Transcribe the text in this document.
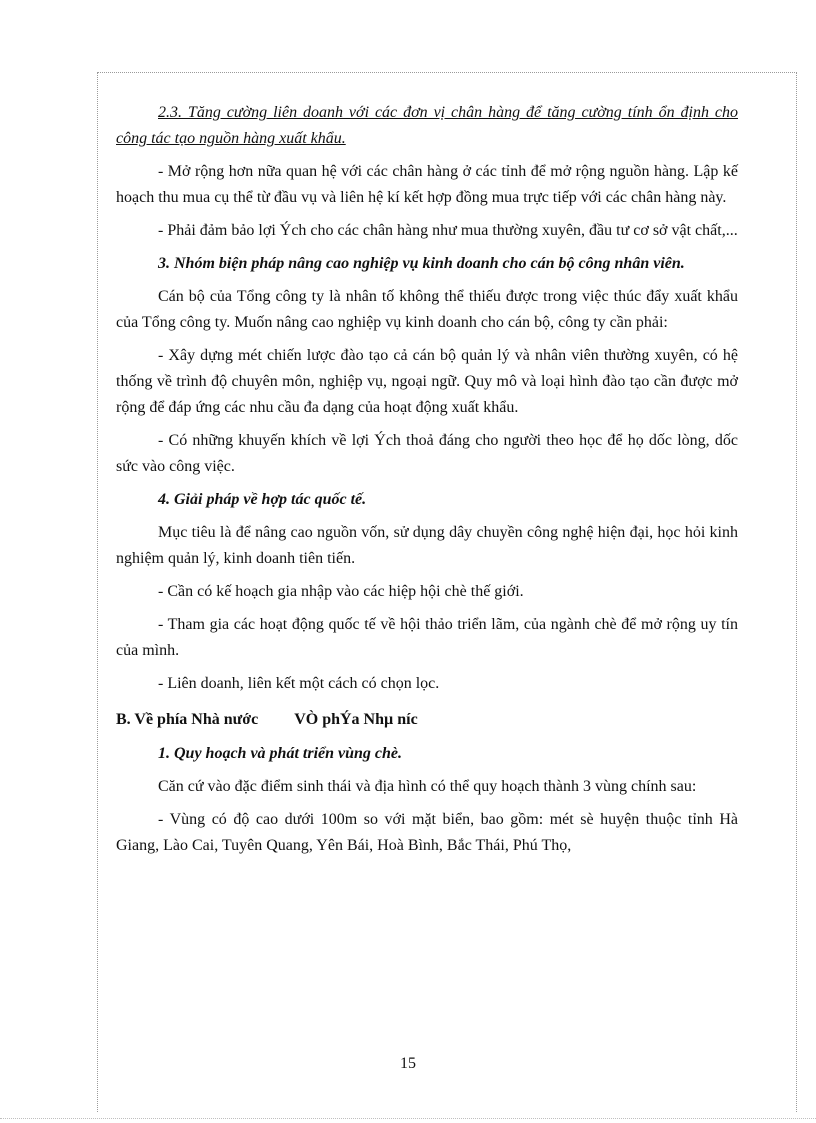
2.3. Tăng cường liên doanh với các đơn vị chân hàng để tăng cường tính ổn định cho công tác tạo nguồn hàng xuất khẩu.

- Mở rộng hơn nữa quan hệ với các chân hàng ở các tỉnh để mở rộng nguồn hàng. Lập kế hoạch thu mua cụ thể từ đầu vụ và liên hệ kí kết hợp đồng mua trực tiếp với các chân hàng này.

- Phải đảm bảo lợi Ých cho các chân hàng như mua thường xuyên, đầu tư cơ sở vật chất,...

3. Nhóm biện pháp nâng cao nghiệp vụ kinh doanh cho cán bộ công nhân viên.

Cán bộ của Tổng công ty là nhân tố không thể thiếu được trong việc thúc đẩy xuất khẩu của Tổng công ty. Muốn nâng cao nghiệp vụ kinh doanh cho cán bộ, công ty cần phải:

- Xây dựng mét chiến lược đào tạo cả cán bộ quản lý và nhân viên thường xuyên, có hệ thống về trình độ chuyên môn, nghiệp vụ, ngoại ngữ. Quy mô và loại hình đào tạo cần được mở rộng để đáp ứng các nhu cầu đa dạng của hoạt động xuất khẩu.

- Có những khuyến khích về lợi Ých thoả đáng cho người theo học để họ dốc lòng, dốc sức vào công việc.

4. Giải pháp về hợp tác quốc tế.

Mục tiêu là để nâng cao nguồn vốn, sử dụng dây chuyền công nghệ hiện đại, học hỏi kinh nghiệm quản lý, kinh doanh tiên tiến.

- Cần có kế hoạch gia nhập vào các hiệp hội chè thế giới.

- Tham gia các hoạt động quốc tế về hội thảo triển lãm, của ngành chè để mở rộng uy tín của mình.

- Liên doanh, liên kết một cách có chọn lọc.

B. Về phía Nhà nước VÒ phÝa Nhµ níc

1. Quy hoạch và phát triển vùng chè.

Căn cứ vào đặc điểm sinh thái và địa hình có thể quy hoạch thành 3 vùng chính sau:

- Vùng có độ cao dưới 100m so với mặt biển, bao gồm: mét sè huyện thuộc tỉnh Hà Giang, Lào Cai, Tuyên Quang, Yên Bái, Hoà Bình, Bắc Thái, Phú Thọ,

15
